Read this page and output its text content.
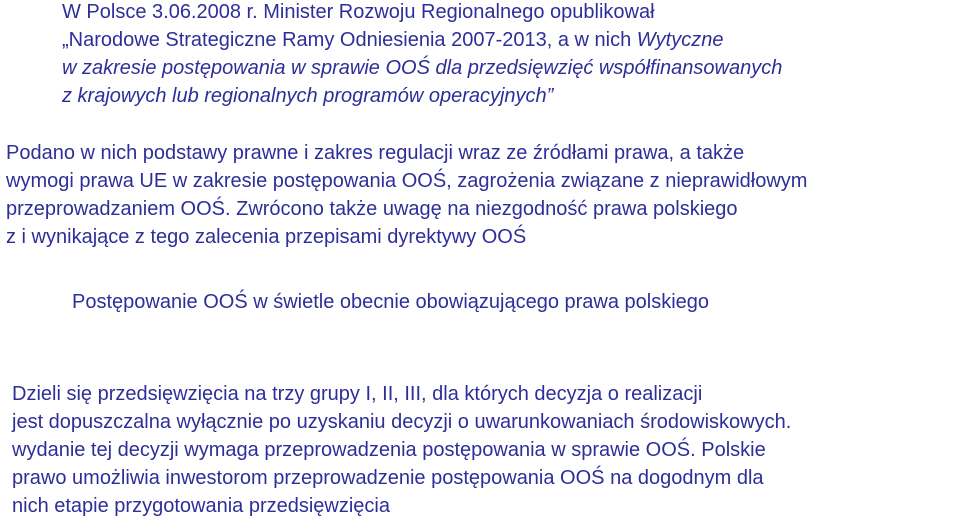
W Polsce 3.06.2008 r. Minister Rozwoju Regionalnego opublikował

„Narodowe Strategiczne Ramy Odniesienia 2007-2013, a w nich Wytyczne

w zakresie postępowania w sprawie OOŚ dla przedsięwzięć współfinansowanych

z krajowych lub regionalnych programów operacyjnych”

Podano w nich podstawy prawne i zakres regulacji wraz ze źródłami prawa, a także

wymogi prawa UE w zakresie postępowania OOŚ, zagrożenia związane z nieprawidłowym

przeprowadzaniem OOŚ. Zwrócono także uwagę na niezgodność prawa polskiego

z i wynikające z tego zalecenia przepisami dyrektywy OOŚ

Postępowanie OOŚ w świetle obecnie obowiązującego prawa polskiego

Dzieli się przedsięwzięcia na trzy grupy I, II, III, dla których decyzja o realizacji

jest dopuszczalna wyłącznie po uzyskaniu decyzji o uwarunkowaniach środowiskowych.

wydanie tej decyzji wymaga przeprowadzenia postępowania w sprawie OOŚ. Polskie

prawo umożliwia inwestorom przeprowadzenie postępowania OOŚ na dogodnym dla

nich etapie przygotowania przedsięwzięcia
